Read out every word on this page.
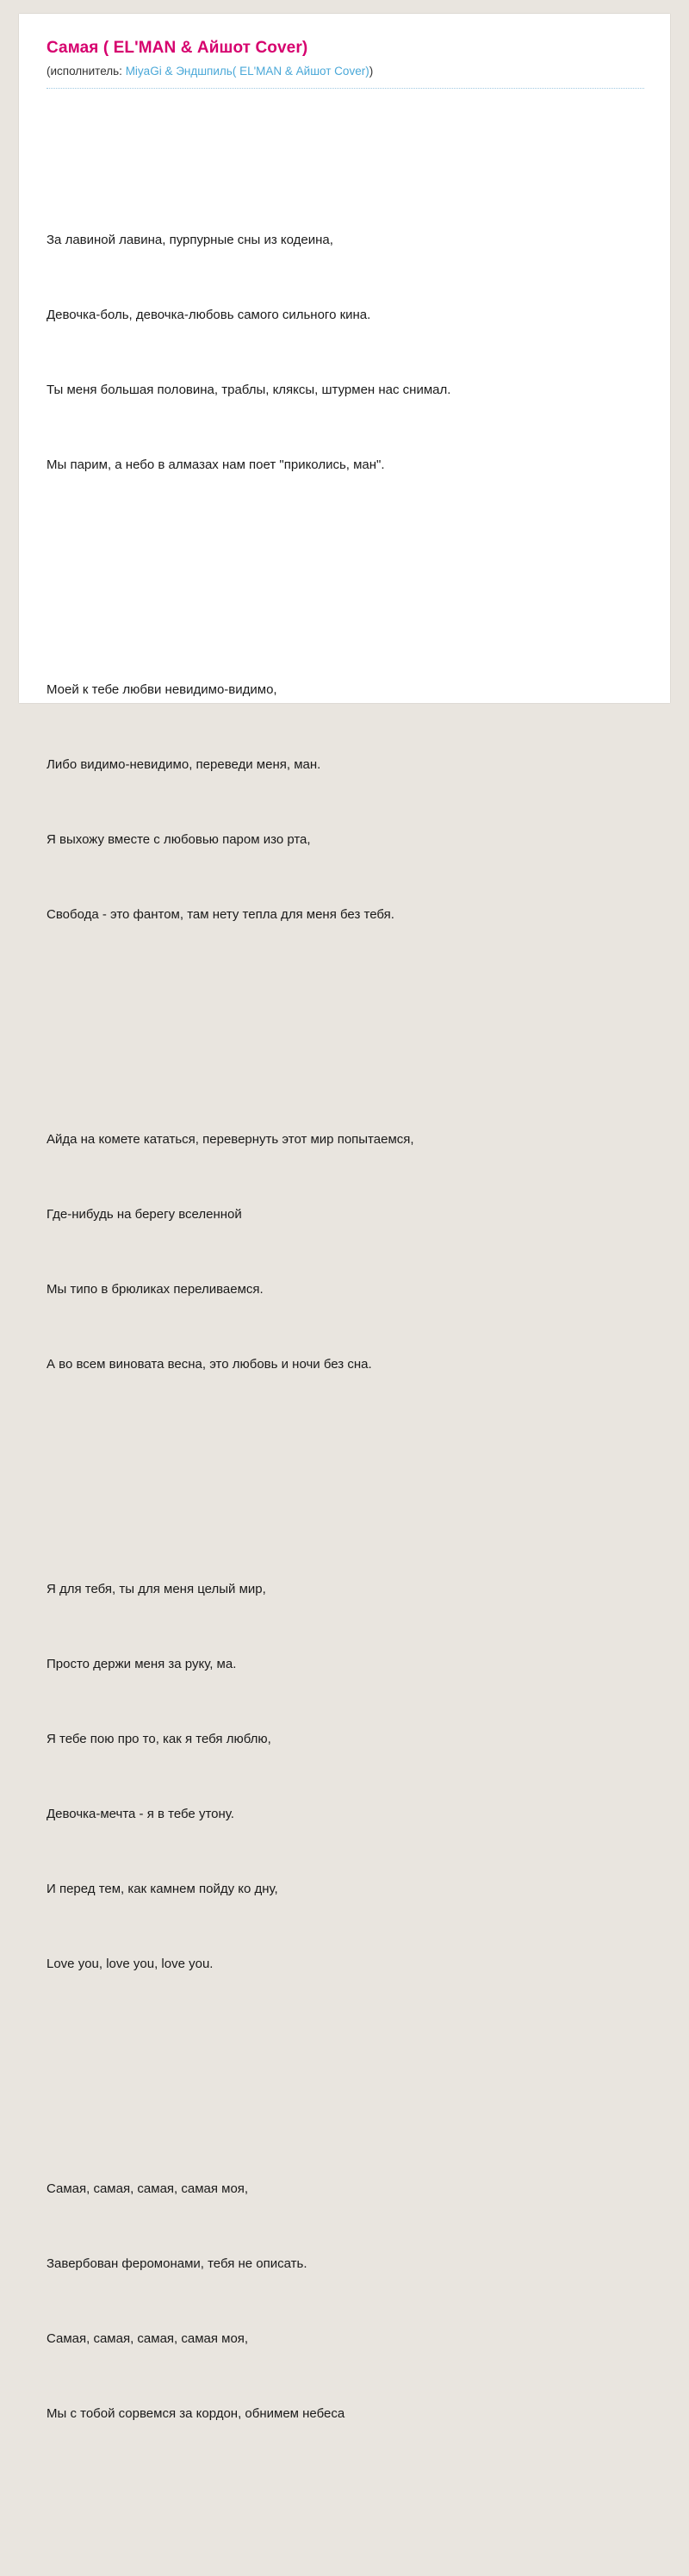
Самая ( EL'MAN & Айшот Cover)
(исполнитель: MiyaGi & Эндшпиль( EL'MAN & Айшот Cover))

За лавиной лавина, пурпурные сны из кодеина,

Девочка-боль, девочка-любовь самого сильного кина.

Ты меня большая половина, траблы, кляксы, штурмен нас снимал.

Мы парим, а небо в алмазах нам поет "приколись, ман".

Моей к тебе любви невидимо-видимо,

Либо видимо-невидимо, переведи меня, ман.

Я выхожу вместе с любовью паром изо рта,

Свобода - это фантом, там нету тепла для меня без тебя.

Айда на комете кататься, перевернуть этот мир попытаемся,

Где-нибудь на берегу вселенной

Мы типо в брюликах переливаемся.

А во всем виновата весна, это любовь и ночи без сна.

Я для тебя, ты для меня целый мир,

Просто держи меня за руку, ма.

Я тебе пою про то, как я тебя люблю,

Девочка-мечта - я в тебе утону.

И перед тем, как камнем пойду ко дну,

Love you, love you, love you.

Самая, самая, самая, самая моя,

Завербован феромонами, тебя не описать.

Самая, самая, самая, самая моя,

Мы с тобой сорвемся за кордон, обнимем небеса
